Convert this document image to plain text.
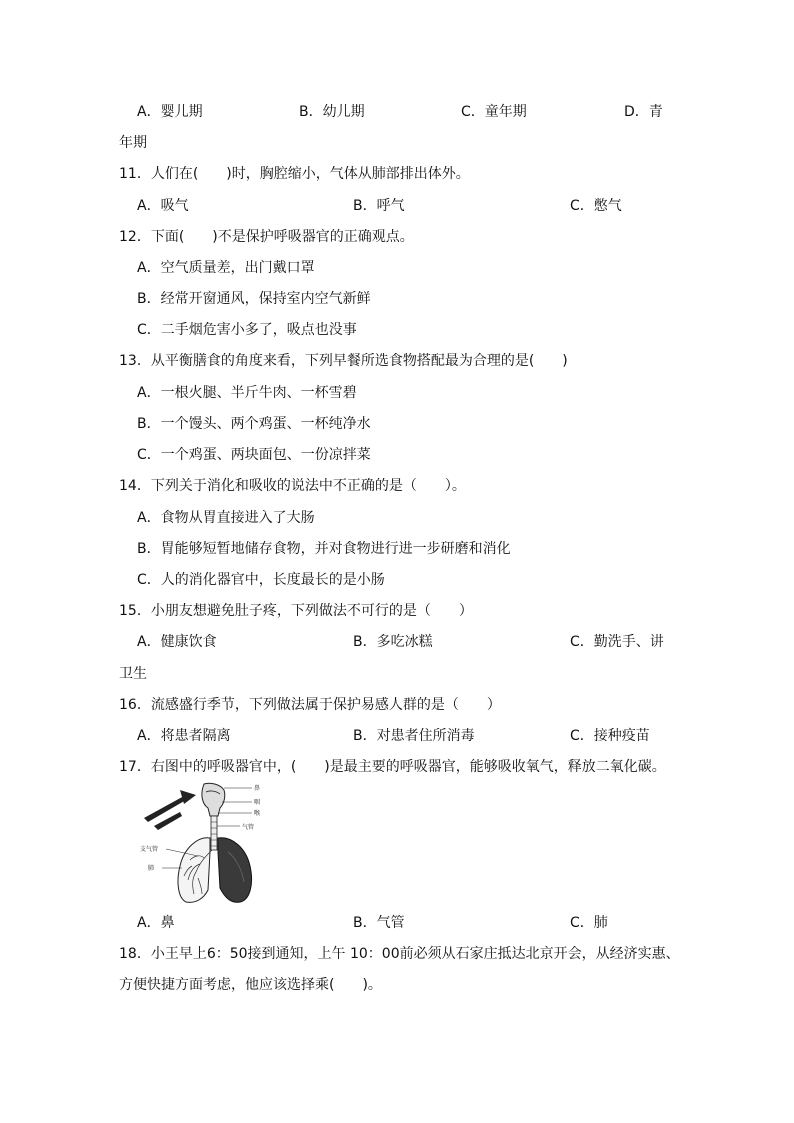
A．婴儿期	B．幼儿期	C．童年期	D．青
年期
11．人们在(　　)时，胸腔缩小，气体从肺部排出体外。
A．吸气	B．呼气	C．憋气
12．下面(　　)不是保护呼吸器官的正确观点。
A．空气质量差，出门戴口罩
B．经常开窗通风，保持室内空气新鲜
C．二手烟危害小多了，吸点也没事
13．从平衡膳食的角度来看，下列早餐所选食物搭配最为合理的是(　　)
A．一根火腿、半斤牛肉、一杯雪碧
B．一个馒头、两个鸡蛋、一杯纯净水
C．一个鸡蛋、两块面包、一份凉拌菜
14．下列关于消化和吸收的说法中不正确的是（　　）。
A．食物从胃直接进入了大肠
B．胃能够短暂地储存食物，并对食物进行进一步研磨和消化
C．人的消化器官中，长度最长的是小肠
15．小朋友想避免肚子疼，下列做法不可行的是（　　）
A．健康饮食	B．多吃冰糕	C．勤洗手、讲
卫生
16．流感盛行季节，下列做法属于保护易感人群的是（　　）
A．将患者隔离	B．对患者住所消毒	C．接种疫苗
17．右图中的呼吸器官中，(　　)是最主要的呼吸器官，能够吸收氧气，释放二氧化碳。
鼻
咽
喉
气管
支气管
肺
A．鼻	B．气管	C．肺
18．小王早上6：50接到通知，上午 10：00前必须从石家庄抵达北京开会，从经济实惠、
方便快捷方面考虑，他应该选择乘(　　)。
